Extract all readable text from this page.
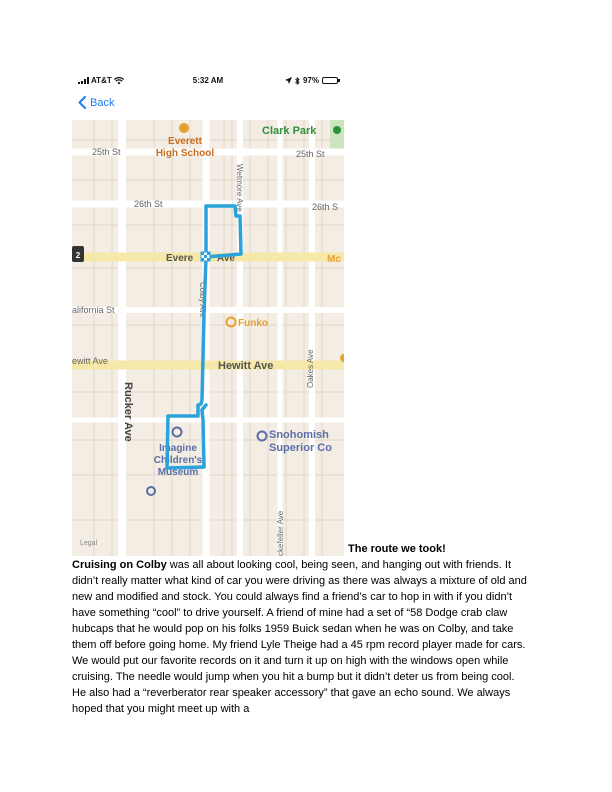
AT&T	5:32 AM	97%
Back
2
Everett
High School
Clark Park
25th St	25th St
26th St	26th S
Wetmore Ave
Evere Ave	Mc
alifornia St	Colby Ave
Funko
ewitt Ave	Hewitt Ave	Oakes Ave
Rucker Ave	Snohomish
Superior Co
Imagine
Children's
Museum
ckefeller Ave
Legal	The route we took!
Cruising on Colby was all about looking cool, being seen, and hanging out with friends. It didn’t really matter what kind of car you were driving as there was always a mixture of old and new and modified and stock. You could always find a friend’s car to hop in with if you didn’t have something “cool” to drive yourself. A friend of mine had a set of “58 Dodge crab claw hubcaps that he would pop on his folks 1959 Buick sedan when he was on Colby, and take them off before going home. My friend Lyle Theige had a 45 rpm record player made for cars. We would put our favorite records on it and turn it up on high with the windows open while cruising. The needle would jump when you hit a bump but it didn’t deter us from being cool. He also had a “reverberator rear speaker accessory” that gave an echo sound. We always hoped that you might meet up with a
